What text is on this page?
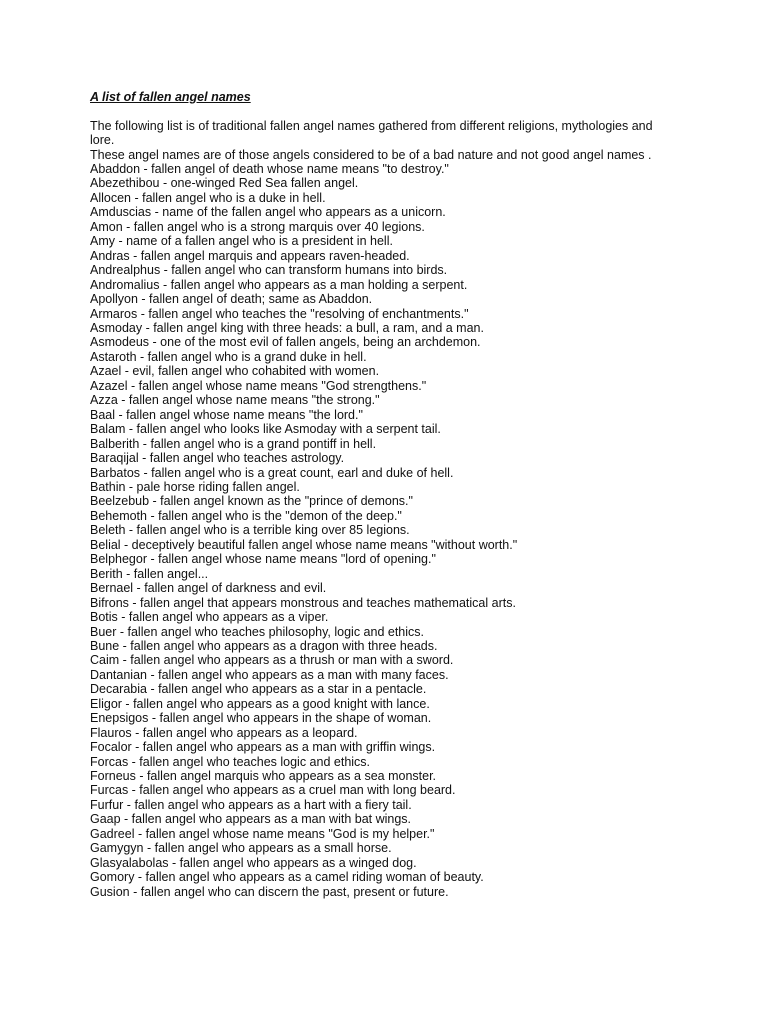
A list of fallen angel names

The following list is of traditional fallen angel names gathered from different religions, mythologies and lore.

These angel names are of those angels considered to be of a bad nature and not good angel names .

Abaddon - fallen angel of death whose name means "to destroy."
Abezethibou - one-winged Red Sea fallen angel.
Allocen - fallen angel who is a duke in hell.
Amduscias - name of the fallen angel who appears as a unicorn.
Amon - fallen angel who is a strong marquis over 40 legions.
Amy - name of a fallen angel who is a president in hell.
Andras - fallen angel marquis and appears raven-headed.
Andrealphus - fallen angel who can transform humans into birds.
Andromalius - fallen angel who appears as a man holding a serpent.
Apollyon - fallen angel of death; same as Abaddon.
Armaros - fallen angel who teaches the "resolving of enchantments."
Asmoday - fallen angel king with three heads: a bull, a ram, and a man.
Asmodeus - one of the most evil of fallen angels, being an archdemon.
Astaroth - fallen angel who is a grand duke in hell.
Azael - evil, fallen angel who cohabited with women.
Azazel - fallen angel whose name means "God strengthens."
Azza - fallen angel whose name means "the strong."
Baal - fallen angel whose name means "the lord."
Balam - fallen angel who looks like Asmoday with a serpent tail.
Balberith - fallen angel who is a grand pontiff in hell.
Baraqijal - fallen angel who teaches astrology.
Barbatos - fallen angel who is a great count, earl and duke of hell.
Bathin - pale horse riding fallen angel.
Beelzebub - fallen angel known as the "prince of demons."
Behemoth - fallen angel who is the "demon of the deep."
Beleth - fallen angel who is a terrible king over 85 legions.
Belial - deceptively beautiful fallen angel whose name means "without worth."
Belphegor - fallen angel whose name means "lord of opening."
Berith - fallen angel...
Bernael - fallen angel of darkness and evil.
Bifrons - fallen angel that appears monstrous and teaches mathematical arts.
Botis - fallen angel who appears as a viper.
Buer - fallen angel who teaches philosophy, logic and ethics.
Bune - fallen angel who appears as a dragon with three heads.
Caim - fallen angel who appears as a thrush or man with a sword.
Dantanian - fallen angel who appears as a man with many faces.
Decarabia - fallen angel who appears as a star in a pentacle.
Eligor - fallen angel who appears as a good knight with lance.
Enepsigos - fallen angel who appears in the shape of woman.
Flauros - fallen angel who appears as a leopard.
Focalor - fallen angel who appears as a man with griffin wings.
Forcas - fallen angel who teaches logic and ethics.
Forneus - fallen angel marquis who appears as a sea monster.
Furcas - fallen angel who appears as a cruel man with long beard.
Furfur - fallen angel who appears as a hart with a fiery tail.
Gaap - fallen angel who appears as a man with bat wings.
Gadreel - fallen angel whose name means "God is my helper."
Gamygyn - fallen angel who appears as a small horse.
Glasyalabolas - fallen angel who appears as a winged dog.
Gomory - fallen angel who appears as a camel riding woman of beauty.
Gusion - fallen angel who can discern the past, present or future.
